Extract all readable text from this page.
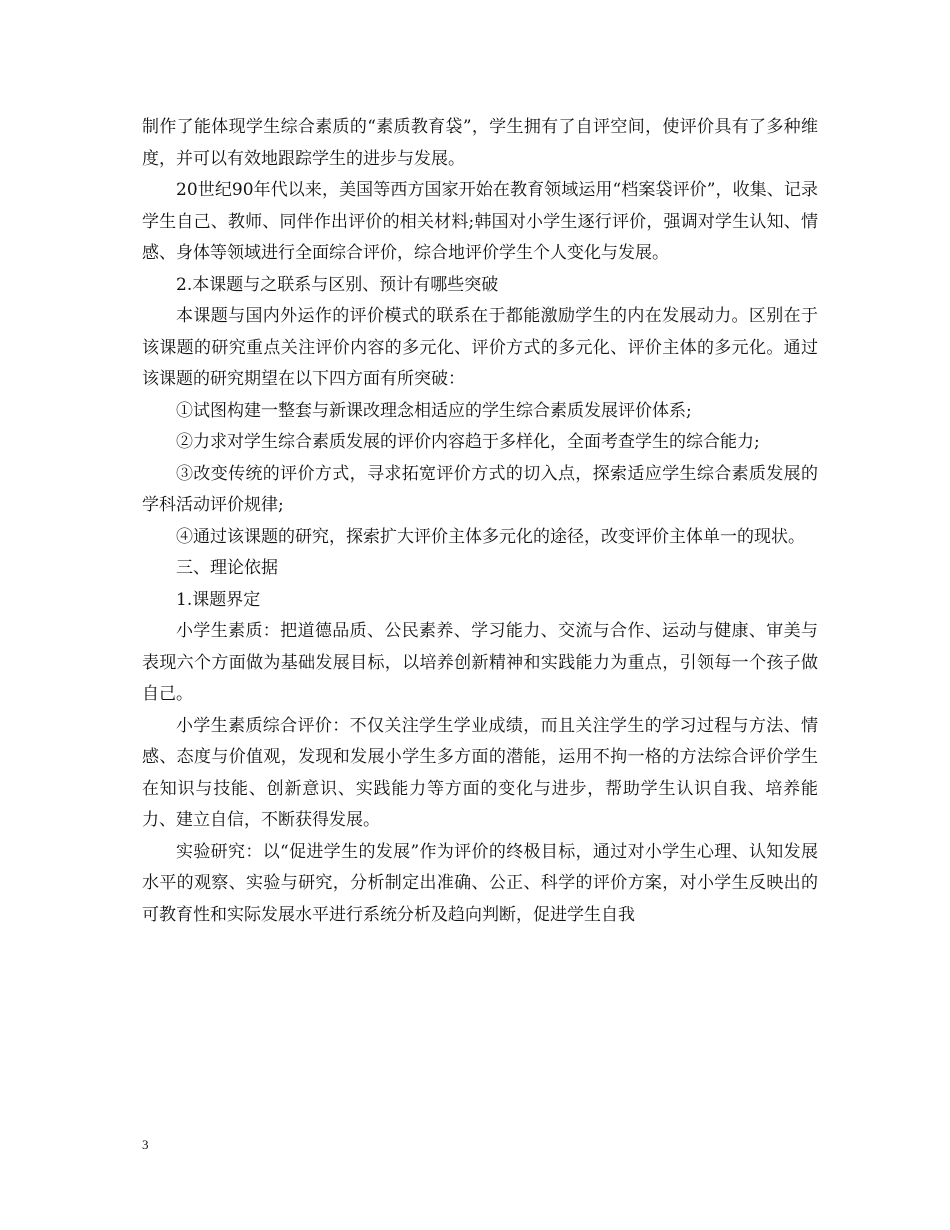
制作了能体现学生综合素质的“素质教育袋”，学生拥有了自评空间，使评价具有了多种维度，并可以有效地跟踪学生的进步与发展。

20世纪90年代以来，美国等西方国家开始在教育领域运用“档案袋评价”，收集、记录学生自己、教师、同伴作出评价的相关材料;韩国对小学生逐行评价，强调对学生认知、情感、身体等领域进行全面综合评价，综合地评价学生个人变化与发展。

2.本课题与之联系与区别、预计有哪些突破

本课题与国内外运作的评价模式的联系在于都能激励学生的内在发展动力。区别在于该课题的研究重点关注评价内容的多元化、评价方式的多元化、评价主体的多元化。通过该课题的研究期望在以下四方面有所突破：

①试图构建一整套与新课改理念相适应的学生综合素质发展评价体系;

②力求对学生综合素质发展的评价内容趋于多样化，全面考查学生的综合能力;

③改变传统的评价方式，寻求拓宽评价方式的切入点，探索适应学生综合素质发展的学科活动评价规律;

④通过该课题的研究，探索扩大评价主体多元化的途径，改变评价主体单一的现状。

三、理论依据

1.课题界定

小学生素质：把道德品质、公民素养、学习能力、交流与合作、运动与健康、审美与表现六个方面做为基础发展目标，以培养创新精神和实践能力为重点，引领每一个孩子做自己。

小学生素质综合评价：不仅关注学生学业成绩，而且关注学生的学习过程与方法、情感、态度与价值观，发现和发展小学生多方面的潜能，运用不拘一格的方法综合评价学生在知识与技能、创新意识、实践能力等方面的变化与进步，帮助学生认识自我、培养能力、建立自信，不断获得发展。

实验研究：以“促进学生的发展”作为评价的终极目标，通过对小学生心理、认知发展水平的观察、实验与研究，分析制定出准确、公正、科学的评价方案，对小学生反映出的可教育性和实际发展水平进行系统分析及趋向判断，促进学生自我

3
